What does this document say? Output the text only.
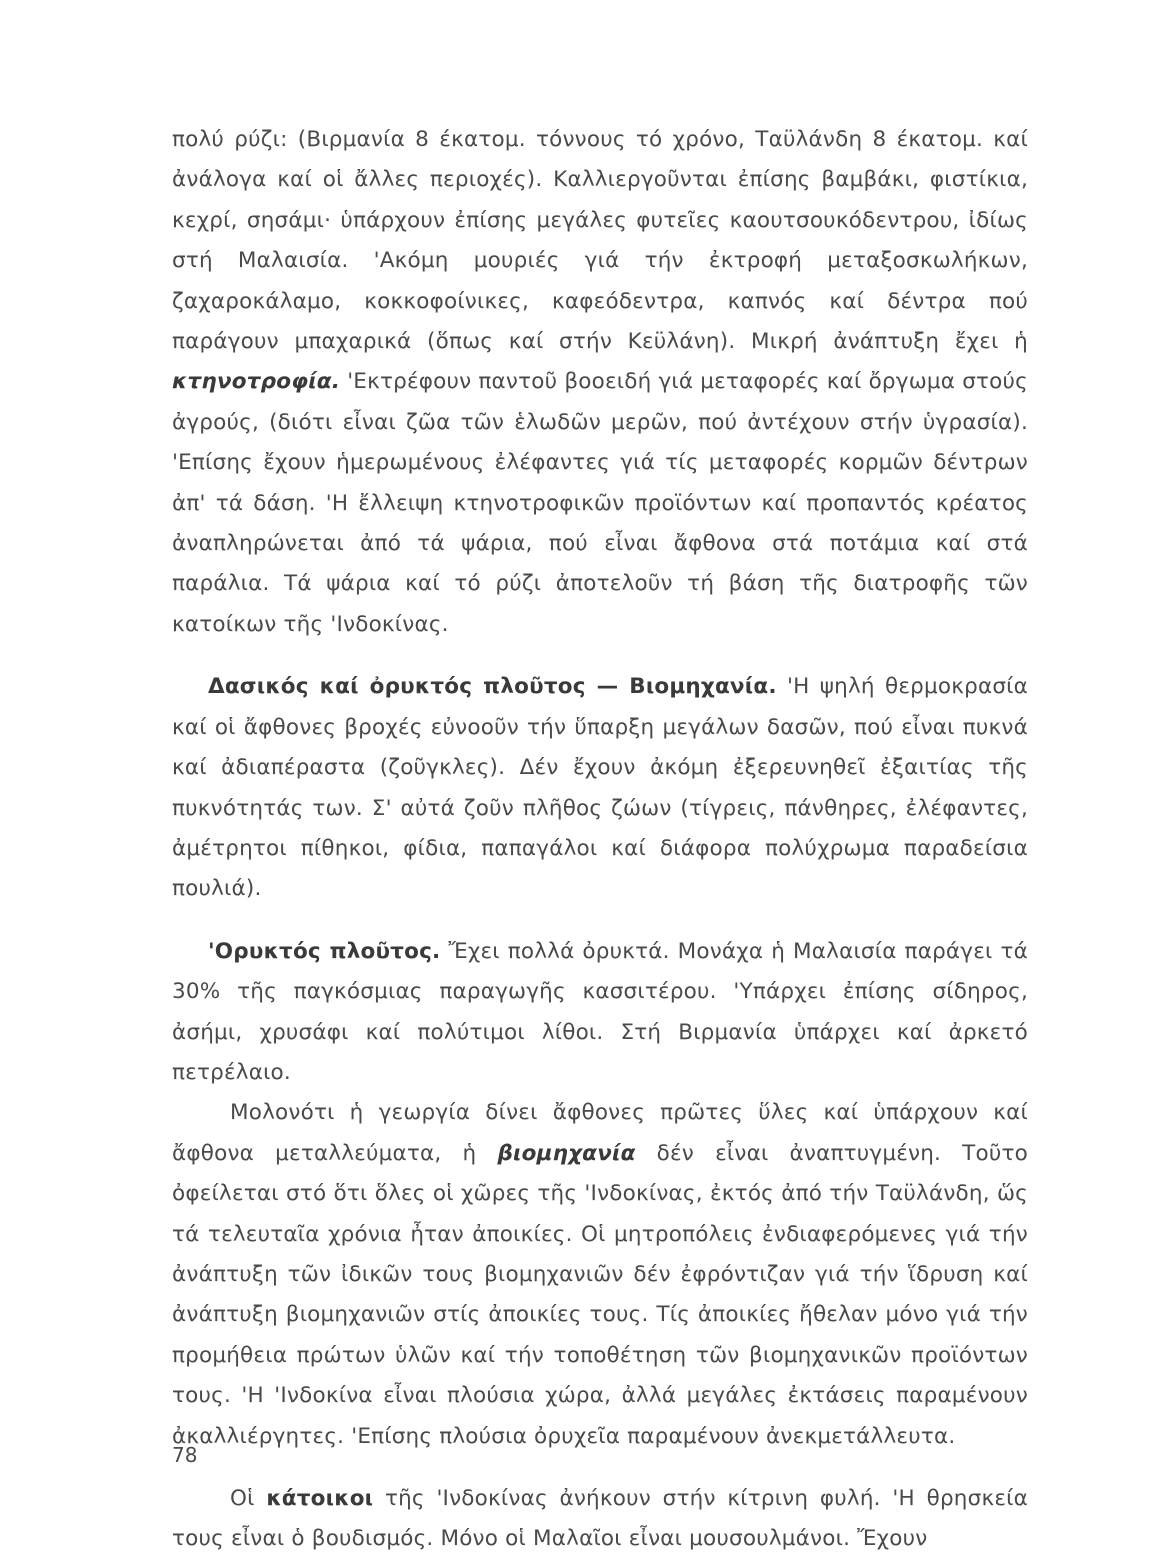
πολύ ρύζι: (Βιρμανία 8 έκατομ. τόννους τό χρόνο, Ταϋλάνδη 8 έκατομ. καί ἀνάλογα καί οἱ ἄλλες περιοχές). Καλλιεργοῦνται ἐπίσης βαμβάκι, φιστίκια, κεχρί, σησάμι· ὑπάρχουν ἐπίσης μεγάλες φυτεῖες καουτσουκόδεντρου, ἰδίως στή Μαλαισία. 'Ακόμη μουριές γιά τήν ἐκτροφή μεταξοσκωλήκων, ζαχαροκάλαμο, κοκκοφοίνικες, καφεόδεντρα, καπνός καί δέντρα πού παράγουν μπαχαρικά (ὅπως καί στήν Κεϋλάνη). Μικρή ἀνάπτυξη ἔχει ἡ κτηνοτροφία. 'Εκτρέφουν παντοῦ βοοειδή γιά μεταφορές καί ὄργωμα στούς ἀγρούς, (διότι εἶναι ζῶα τῶν ἑλωδῶν μερῶν, πού ἀντέχουν στήν ὑγρασία). 'Επίσης ἔχουν ἡμερωμένους ἐλέφαντες γιά τίς μεταφορές κορμῶν δέντρων ἀπ' τά δάση. 'Η ἔλλειψη κτηνοτροφικῶν προϊόντων καί προπαντός κρέατος ἀναπληρώνεται ἀπό τά ψάρια, πού εἶναι ἄφθονα στά ποτάμια καί στά παράλια. Τά ψάρια καί τό ρύζι ἀποτελοῦν τή βάση τῆς διατροφῆς τῶν κατοίκων τῆς 'Ινδοκίνας.

Δασικός καί ὀρυκτός πλοῦτος — Βιομηχανία. 'Η ψηλή θερμοκρασία καί οἱ ἄφθονες βροχές εὐνοοῦν τήν ὕπαρξη μεγάλων δασῶν, πού εἶναι πυκνά καί ἀδιαπέραστα (ζοῦγκλες). Δέν ἔχουν ἀκόμη ἐξερευνηθεῖ ἐξαιτίας τῆς πυκνότητάς των. Σ' αὐτά ζοῦν πλῆθος ζώων (τίγρεις, πάνθηρες, ἐλέφαντες, ἀμέτρητοι πίθηκοι, φίδια, παπαγάλοι καί διάφορα πολύχρωμα παραδείσια πουλιά).

'Ορυκτός πλοῦτος. Ἔχει πολλά ὀρυκτά. Μονάχα ἡ Μαλαισία παράγει τά 30% τῆς παγκόσμιας παραγωγῆς κασσιτέρου. 'Υπάρχει ἐπίσης σίδηρος, ἀσήμι, χρυσάφι καί πολύτιμοι λίθοι. Στή Βιρμανία ὑπάρχει καί ἀρκετό πετρέλαιο.

Μολονότι ἡ γεωργία δίνει ἄφθονες πρῶτες ὕλες καί ὑπάρχουν καί ἄφθονα μεταλλεύματα, ἡ βιομηχανία δέν εἶναι ἀναπτυγμένη. Τοῦτο ὀφείλεται στό ὅτι ὅλες οἱ χῶρες τῆς 'Ινδοκίνας, ἐκτός ἀπό τήν Ταϋλάνδη, ὥς τά τελευταῖα χρόνια ἦταν ἀποικίες. Οἱ μητροπόλεις ἐνδιαφερόμενες γιά τήν ἀνάπτυξη τῶν ἰδικῶν τους βιομηχανιῶν δέν ἐφρόντιζαν γιά τήν ἵδρυση καί ἀνάπτυξη βιομηχανιῶν στίς ἀποικίες τους. Τίς ἀποικίες ἤθελαν μόνο γιά τήν προμήθεια πρώτων ὑλῶν καί τήν τοποθέτηση τῶν βιομηχανικῶν προϊόντων τους. 'Η 'Ινδοκίνα εἶναι πλούσια χώρα, ἀλλά μεγάλες ἐκτάσεις παραμένουν ἀκαλλιέργητες. 'Επίσης πλούσια ὀρυχεῖα παραμένουν ἀνεκμετάλλευτα.

Οἱ κάτοικοι τῆς 'Ινδοκίνας ἀνήκουν στήν κίτρινη φυλή. 'Η θρησκεία τους εἶναι ὁ βουδισμός. Μόνο οἱ Μαλαῖοι εἶναι μουσουλμάνοι. Ἔχουν

78
